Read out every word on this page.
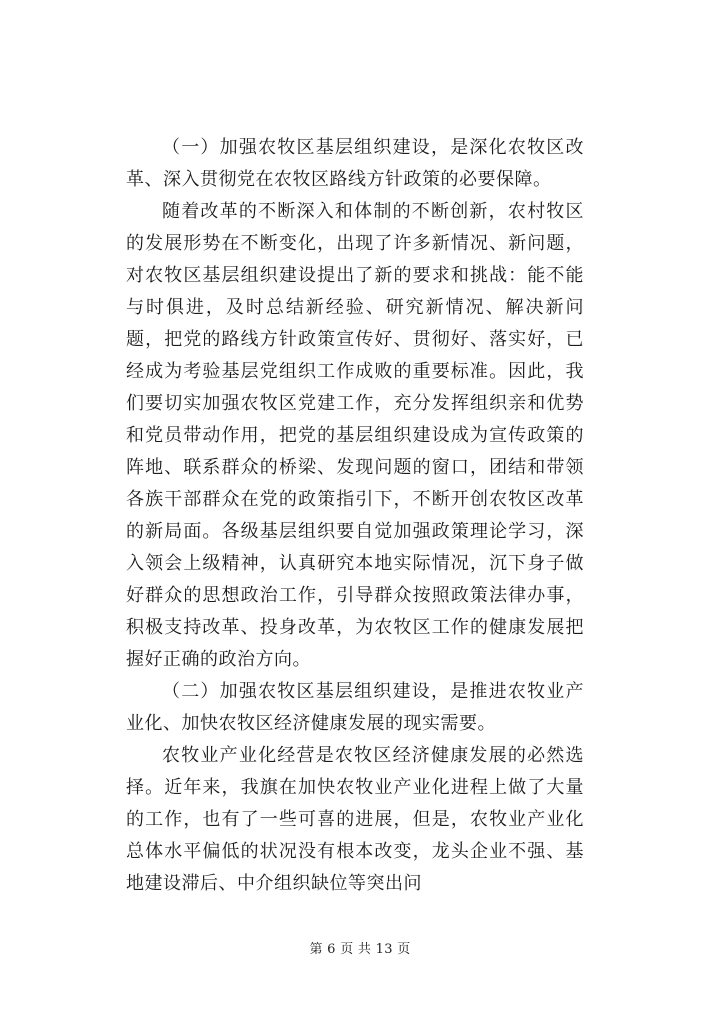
（一）加强农牧区基层组织建设，是深化农牧区改革、深入贯彻党在农牧区路线方针政策的必要保障。

随着改革的不断深入和体制的不断创新，农村牧区的发展形势在不断变化，出现了许多新情况、新问题，对农牧区基层组织建设提出了新的要求和挑战：能不能与时俱进，及时总结新经验、研究新情况、解决新问题，把党的路线方针政策宣传好、贯彻好、落实好，已经成为考验基层党组织工作成败的重要标准。因此，我们要切实加强农牧区党建工作，充分发挥组织亲和优势和党员带动作用，把党的基层组织建设成为宣传政策的阵地、联系群众的桥梁、发现问题的窗口，团结和带领各族干部群众在党的政策指引下，不断开创农牧区改革的新局面。各级基层组织要自觉加强政策理论学习，深入领会上级精神，认真研究本地实际情况，沉下身子做好群众的思想政治工作，引导群众按照政策法律办事，积极支持改革、投身改革，为农牧区工作的健康发展把握好正确的政治方向。

（二）加强农牧区基层组织建设，是推进农牧业产业化、加快农牧区经济健康发展的现实需要。

农牧业产业化经营是农牧区经济健康发展的必然选择。近年来，我旗在加快农牧业产业化进程上做了大量的工作，也有了一些可喜的进展，但是，农牧业产业化总体水平偏低的状况没有根本改变，龙头企业不强、基地建设滞后、中介组织缺位等突出问

第 6 页 共 13 页
